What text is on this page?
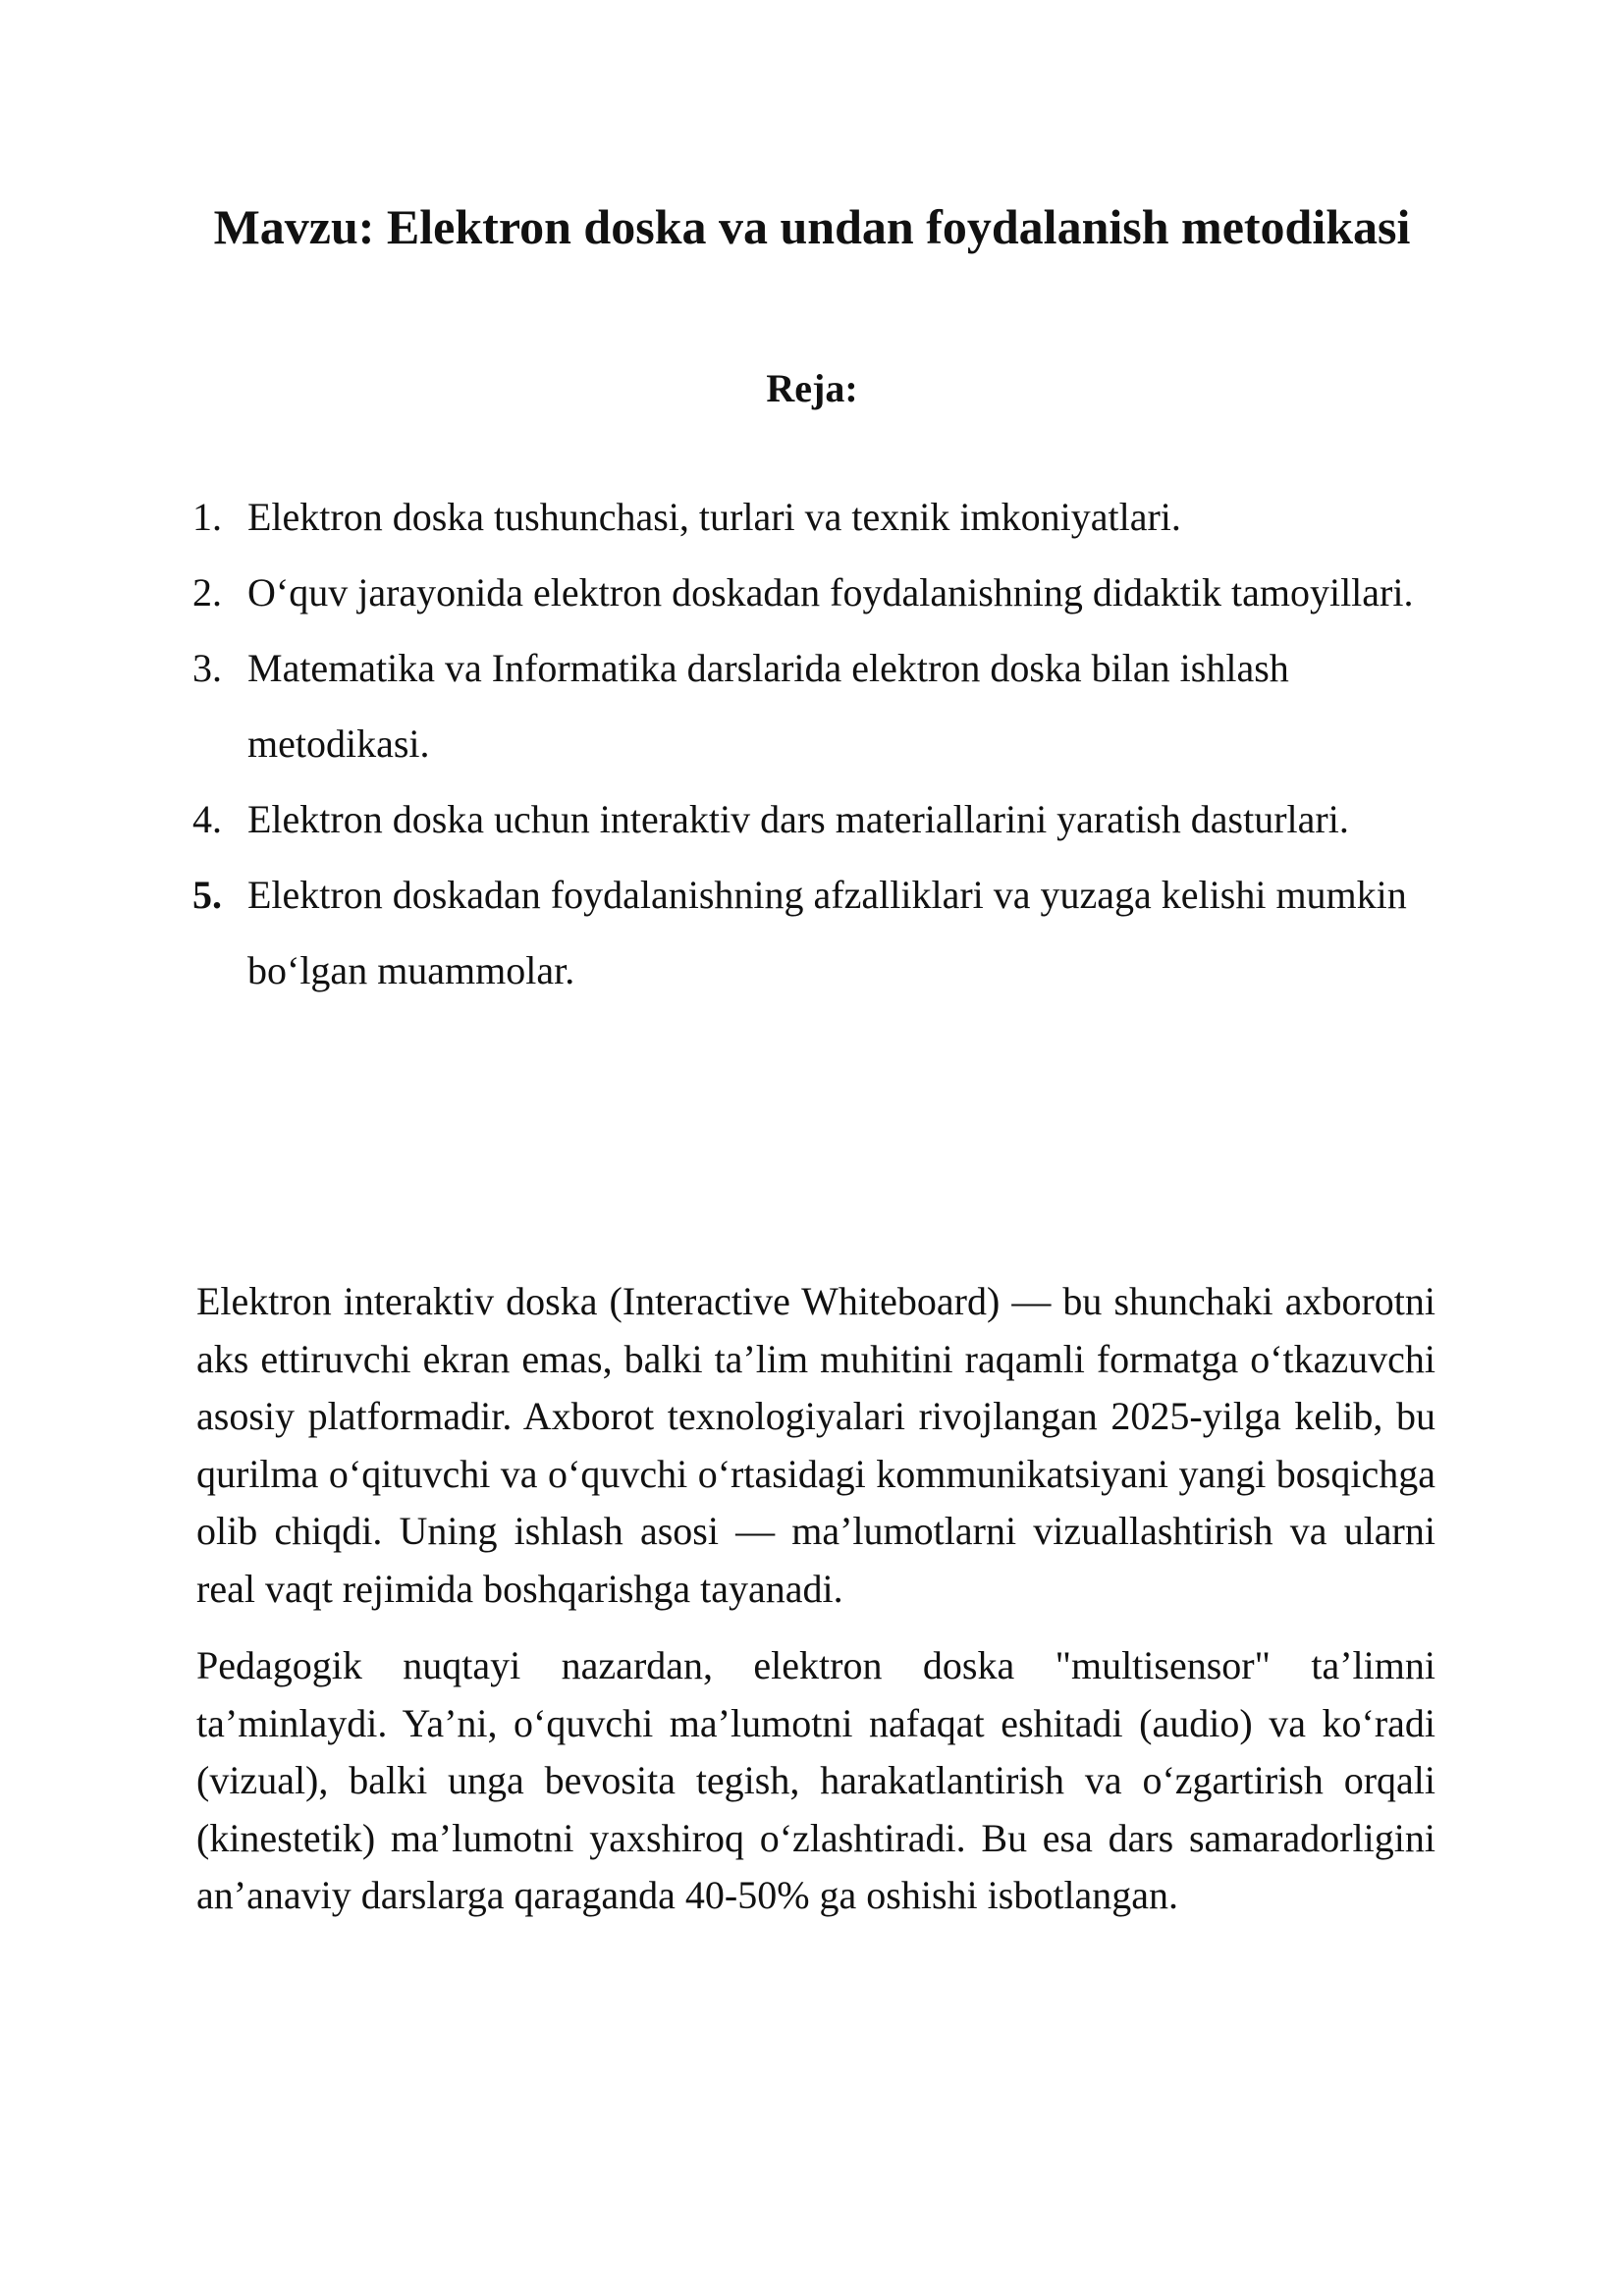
Mavzu: Elektron doska va undan foydalanish metodikasi
Reja:
1. Elektron doska tushunchasi, turlari va texnik imkoniyatlari.
2. O‘quv jarayonida elektron doskadan foydalanishning didaktik tamoyillari.
3. Matematika va Informatika darslarida elektron doska bilan ishlash metodikasi.
4. Elektron doska uchun interaktiv dars materiallarini yaratish dasturlari.
5. Elektron doskadan foydalanishning afzalliklari va yuzaga kelishi mumkin bo‘lgan muammolar.

Elektron interaktiv doska (Interactive Whiteboard) — bu shunchaki axborotni aks ettiruvchi ekran emas, balki ta’lim muhitini raqamli formatga o‘tkazuvchi asosiy platformadir. Axborot texnologiyalari rivojlangan 2025-yilga kelib, bu qurilma o‘qituvchi va o‘quvchi o‘rtasidagi kommunikatsiyani yangi bosqichga olib chiqdi. Uning ishlash asosi — ma’lumotlarni vizuallashtirish va ularni real vaqt rejimida boshqarishga tayanadi.

Pedagogik nuqtayi nazardan, elektron doska "multisensor" ta’limni ta’minlaydi. Ya’ni, o‘quvchi ma’lumotni nafaqat eshitadi (audio) va ko‘radi (vizual), balki unga bevosita tegish, harakatlantirish va o‘zgartirish orqali (kinestetik) ma’lumotni yaxshiroq o‘zlashtiradi. Bu esa dars samaradorligini an’anaviy darslarga qaraganda 40-50% ga oshishi isbotlangan.
